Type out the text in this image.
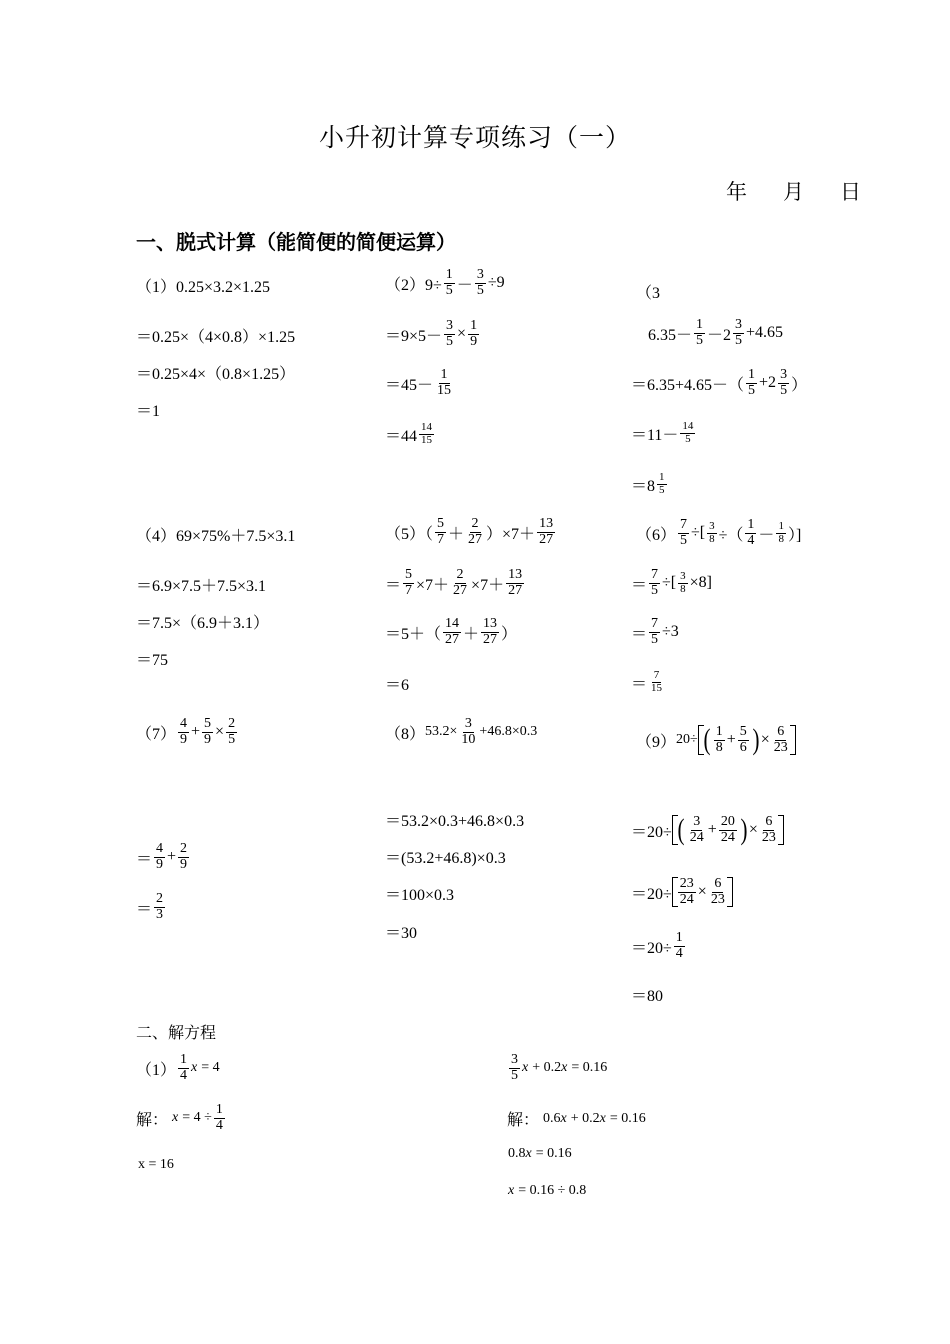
小升初计算专项练习（一）
年 月 日
一、脱式计算（能简便的简便运算）
（1）0.25×3.2×1.25
＝0.25×（4×0.8）×1.25
＝0.25×4×（0.8×1.25）
＝1
$(2)9\div \frac{1}{5} - \frac{3}{5} \div 9$
$=9\times 5- \frac{3}{5} \times \frac{1}{9}$
＝45－
1
15
＝44
14
15
（3
6.35－
1
5 －2
3
5 +4.65
＝6.35+4.65－（
1
5 +2 3
5 ）
＝11－
14
5
＝8
1
5
（4）69×75%＋7.5×3.1
＝6.9×7.5＋7.5×3.1
＝7.5×（6.9＋3.1）
＝75
（5）（
5
7 ＋
2
27 ）×7＋
13
27
＝ $\frac{5}{7} \times 7+ \frac{2}{27} \times 7+$
13
27
＝5＋（
14
27 ＋
13
27 ）
＝6
$(6) \frac{7}{5}$ ÷[ $\frac{3}{8}$ ÷（
1
4 －
1
8 ）]
＝ $\frac{7}{5}$ ÷[ $\frac{3}{8} \times 8$]
＝ $\frac{7}{5} \div 3$
＝
7
15
（7）
4
$9 + \frac{5}{9} \times \frac{2}{5}$
＝
4
$9 + \frac{2}{9}$
＝
2
3
（8） $53.2\times \frac{3}{10} +46.8\times 0.3$
＝53.2×0.3+46.8×0.3
＝(53.2+46.8)×0.3
＝100×0.3
＝30
（9） 20÷ ( 1
$8 + \frac{5}{6}$ ) × $\frac{6}{23}$
＝20÷ ( 3
$24 + \frac{20}{24}$ ) × $\frac{6}{23}$
$=20\div \frac{23}{24} \times \frac{6}{23}$
$=20\div \frac{1}{4}$
＝80
二、解方程
（1）
1
4 x
= 4
解：
x
= $4 \div \frac{1}{4}$
x = 16
3
5 x
+ 0.2 x
= 0.16
解：
0.6 x
+ 0.2 x
= 0.16
0.8 x
= 0.16
x
= 0.16 ÷ 0.8
